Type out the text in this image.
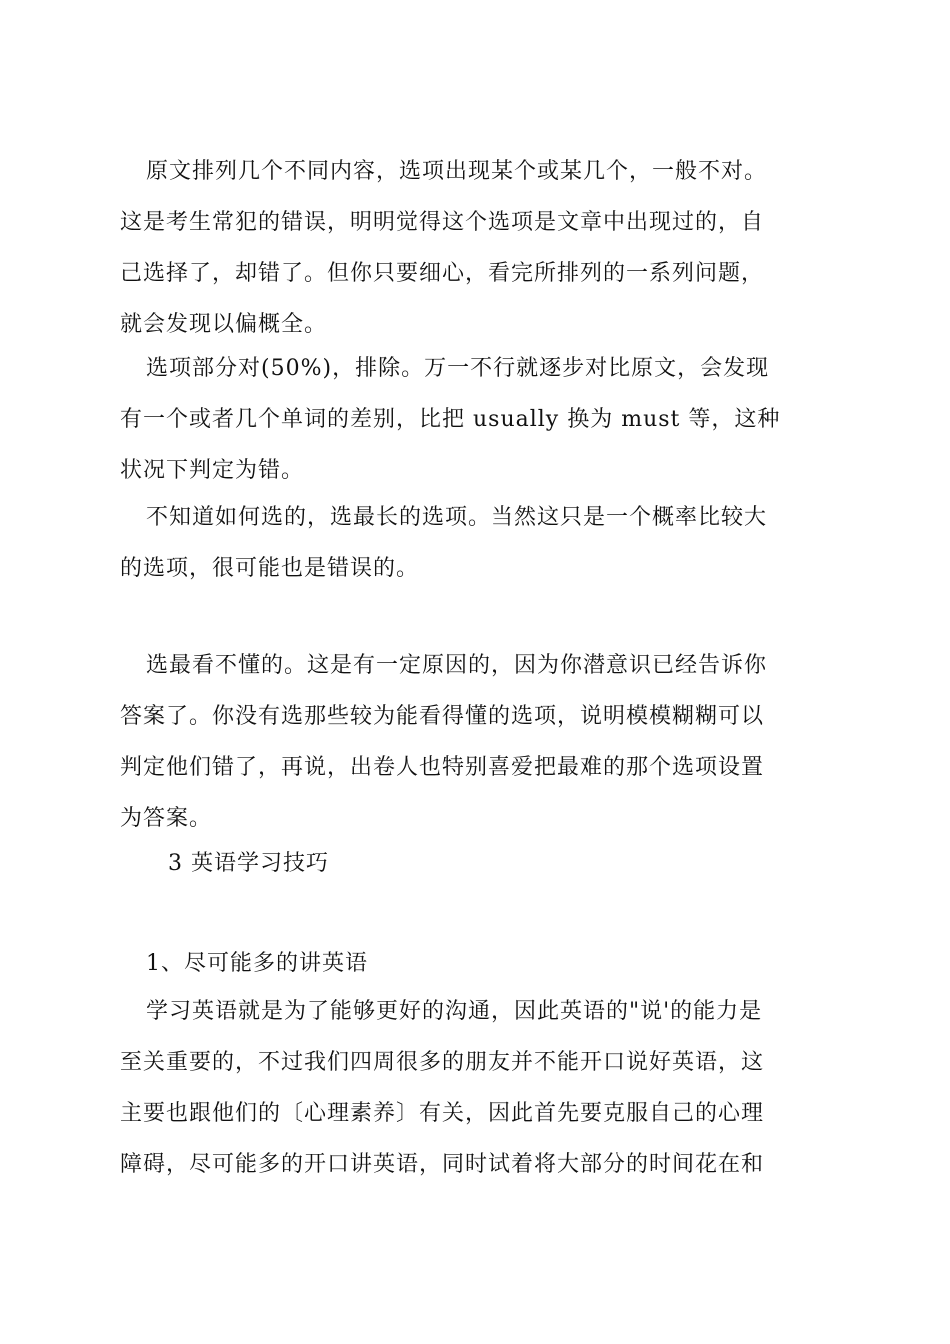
原文排列几个不同内容，选项出现某个或某几个，一般不对。
这是考生常犯的错误，明明觉得这个选项是文章中出现过的，自
己选择了，却错了。但你只要细心，看完所排列的一系列问题，
就会发现以偏概全。

选项部分对(50%)，排除。万一不行就逐步对比原文，会发现
有一个或者几个单词的差别，比把 usually 换为 must 等，这种
状况下判定为错。

不知道如何选的，选最长的选项。当然这只是一个概率比较大
的选项，很可能也是错误的。

选最看不懂的。这是有一定原因的，因为你潜意识已经告诉你
答案了。你没有选那些较为能看得懂的选项，说明模模糊糊可以
判定他们错了，再说，出卷人也特别喜爱把最难的那个选项设置
为答案。

3 英语学习技巧

1、尽可能多的讲英语

学习英语就是为了能够更好的沟通，因此英语的"说'的能力是
至关重要的，不过我们四周很多的朋友并不能开口说好英语，这
主要也跟他们的〔心理素养〕有关，因此首先要克服自己的心理
障碍，尽可能多的开口讲英语，同时试着将大部分的时间花在和
